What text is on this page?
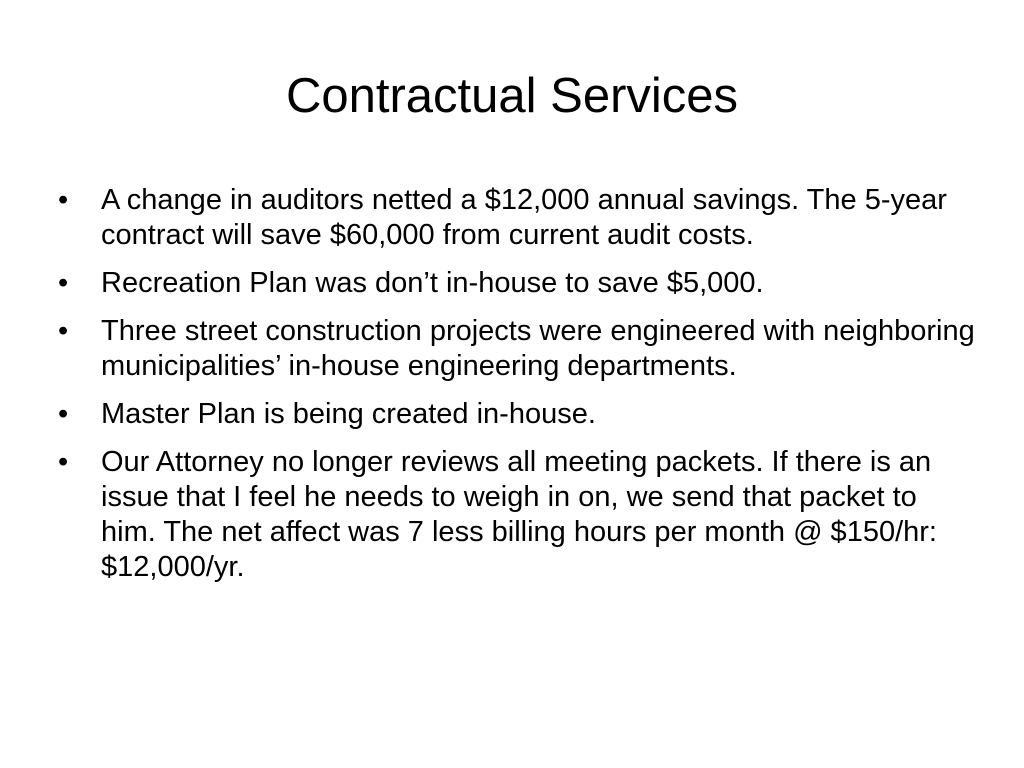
Contractual Services
•	A change in auditors netted a $12,000 annual savings. The 5-year contract will save $60,000 from current audit costs.
•	Recreation Plan was don’t in-house to save $5,000.
•	Three street construction projects were engineered with neighboring municipalities’ in-house engineering departments.
•	Master Plan is being created in-house.
•	Our Attorney no longer reviews all meeting packets. If there is an issue that I feel he needs to weigh in on, we send that packet to him. The net affect was 7 less billing hours per month @ $150/hr: $12,000/yr.
